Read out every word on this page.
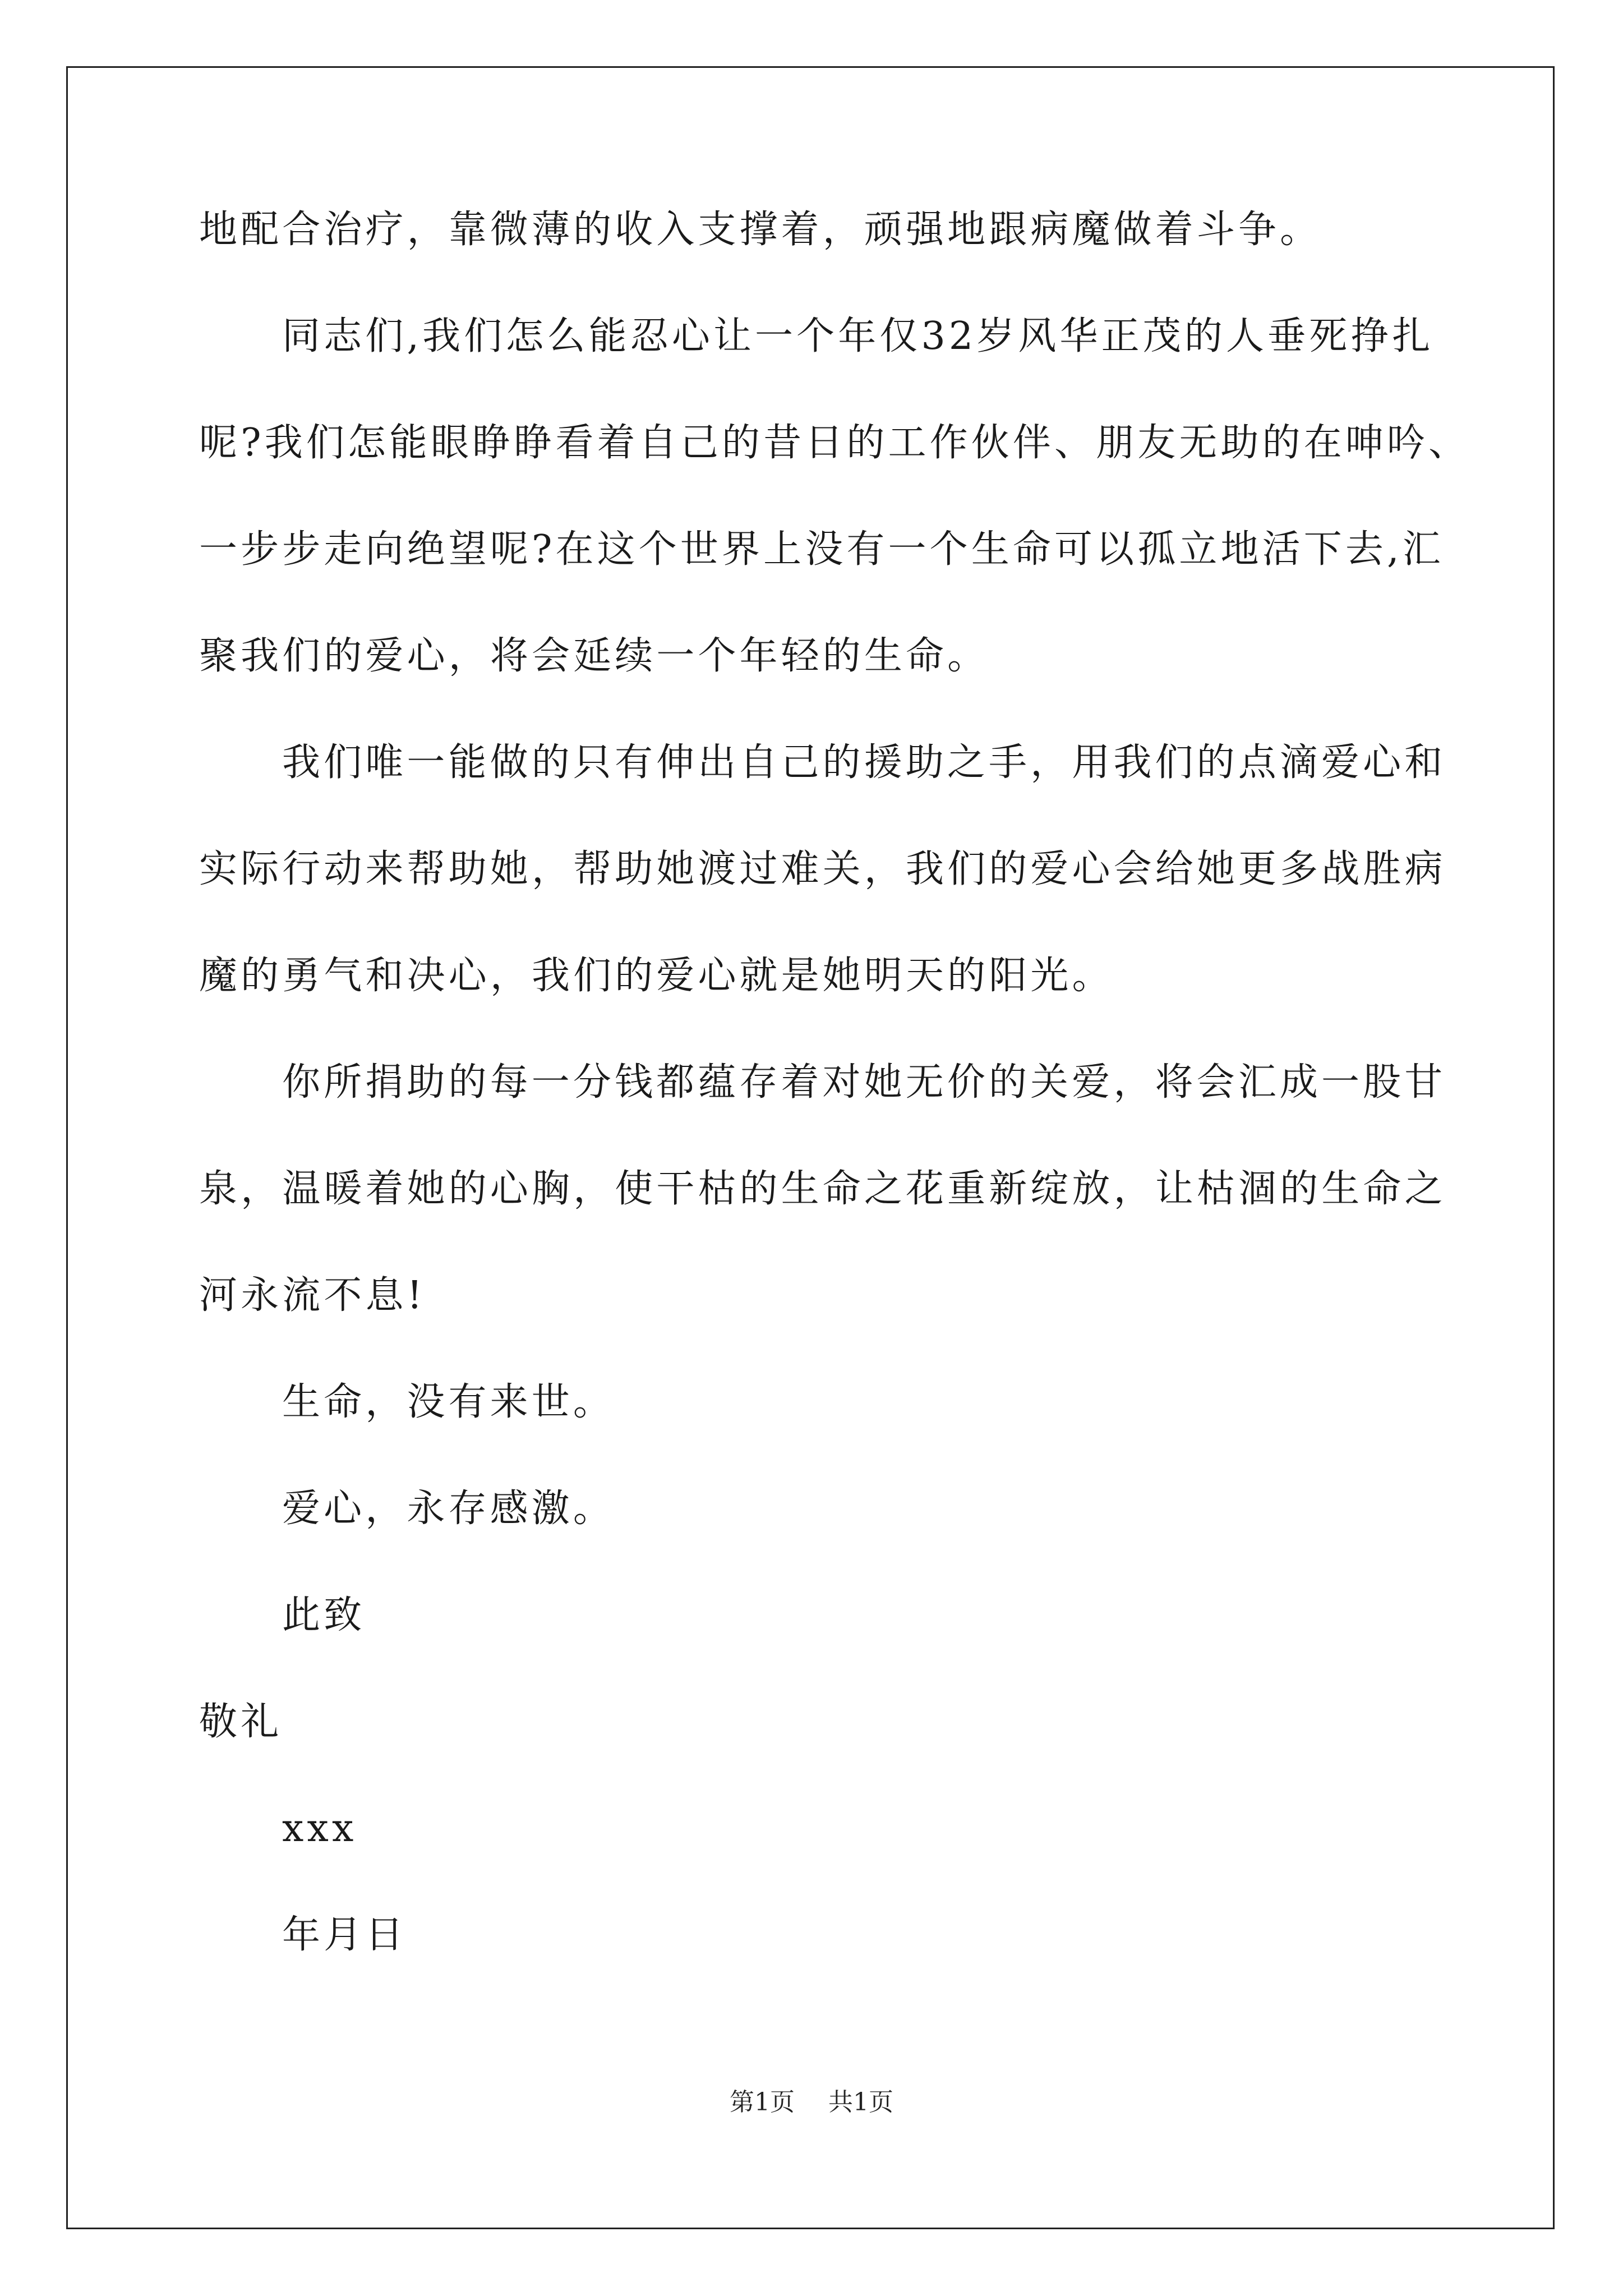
地配合治疗，靠微薄的收入支撑着，顽强地跟病魔做着斗争。
同志们,我们怎么能忍心让一个年仅32岁风华正茂的人垂死挣扎
呢?我们怎能眼睁睁看着自己的昔日的工作伙伴、朋友无助的在呻吟、
一步步走向绝望呢?在这个世界上没有一个生命可以孤立地活下去,汇
聚我们的爱心，将会延续一个年轻的生命。
我们唯一能做的只有伸出自己的援助之手，用我们的点滴爱心和
实际行动来帮助她，帮助她渡过难关，我们的爱心会给她更多战胜病
魔的勇气和决心，我们的爱心就是她明天的阳光。
你所捐助的每一分钱都蕴存着对她无价的关爱，将会汇成一股甘
泉，温暖着她的心胸，使干枯的生命之花重新绽放，让枯涸的生命之
河永流不息!
生命，没有来世。
爱心，永存感激。
此致
敬礼
xxx
年月日
第1页 共1页
